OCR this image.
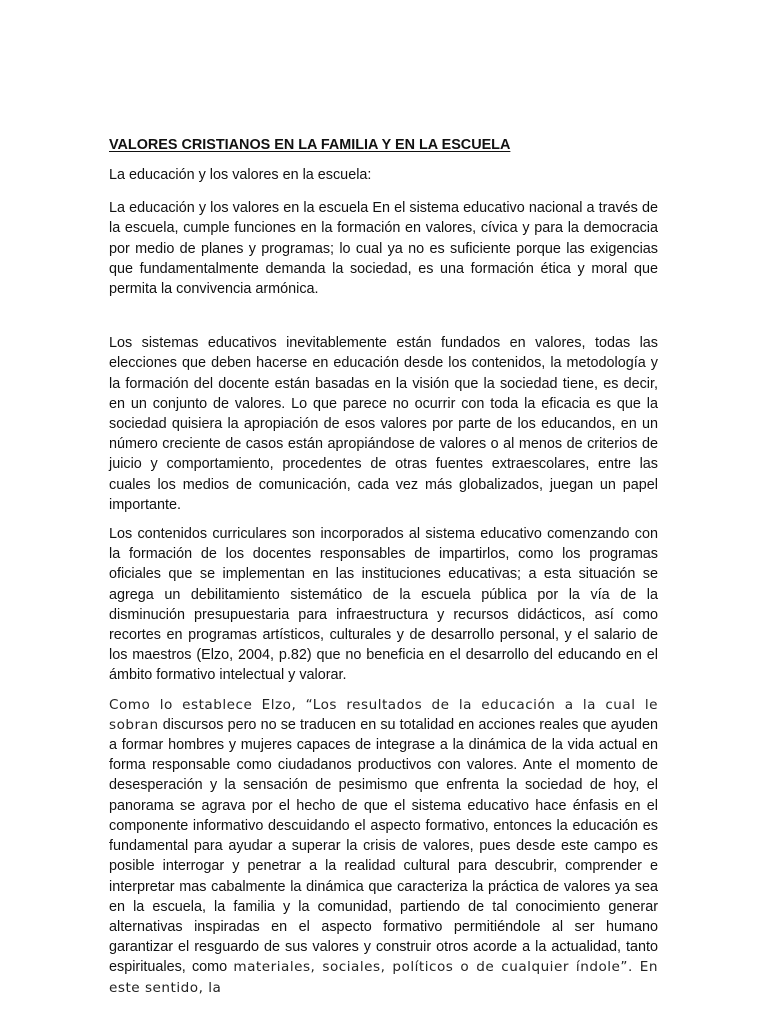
VALORES CRISTIANOS EN LA FAMILIA Y EN LA ESCUELA
La educación y los valores en la escuela:

La educación y los valores en la escuela En el sistema educativo nacional a través de la escuela, cumple funciones en la formación en valores, cívica y para la democracia por medio de planes y programas; lo cual ya no es suficiente porque las exigencias que fundamentalmente demanda la sociedad, es una formación ética y moral que permita la convivencia armónica.

Los sistemas educativos inevitablemente están fundados en valores, todas las elecciones que deben hacerse en educación desde los contenidos, la metodología y la formación del docente están basadas en la visión que la sociedad tiene, es decir, en un conjunto de valores. Lo que parece no ocurrir con toda la eficacia es que la sociedad quisiera la apropiación de esos valores por parte de los educandos, en un número creciente de casos están apropiándose de valores o al menos de criterios de juicio y comportamiento, procedentes de otras fuentes extraescolares, entre las cuales los medios de comunicación, cada vez más globalizados, juegan un papel importante.

Los contenidos curriculares son incorporados al sistema educativo comenzando con la formación de los docentes responsables de impartirlos, como los programas oficiales que se implementan en las instituciones educativas; a esta situación se agrega un debilitamiento sistemático de la escuela pública por la vía de la disminución presupuestaria para infraestructura y recursos didácticos, así como recortes en programas artísticos, culturales y de desarrollo personal, y el salario de los maestros (Elzo, 2004, p.82) que no beneficia en el desarrollo del educando en el ámbito formativo intelectual y valorar.

Como lo establece Elzo, “Los resultados de la educación a la cual le sobran discursos pero no se traducen en su totalidad en acciones reales que ayuden a formar hombres y mujeres capaces de integrase a la dinámica de la vida actual en forma responsable como ciudadanos productivos con valores. Ante el momento de desesperación y la sensación de pesimismo que enfrenta la sociedad de hoy, el panorama se agrava por el hecho de que el sistema educativo hace énfasis en el componente informativo descuidando el aspecto formativo, entonces la educación es fundamental para ayudar a superar la crisis de valores, pues desde este campo es posible interrogar y penetrar a la realidad cultural para descubrir, comprender e interpretar mas cabalmente la dinámica que caracteriza la práctica de valores ya sea en la escuela, la familia y la comunidad, partiendo de tal conocimiento generar alternativas inspiradas en el aspecto formativo permitiéndole al ser humano garantizar el resguardo de sus valores y construir otros acorde a la actualidad, tanto espirituales, como materiales, sociales, políticos o de cualquier índole”. En este sentido, la
